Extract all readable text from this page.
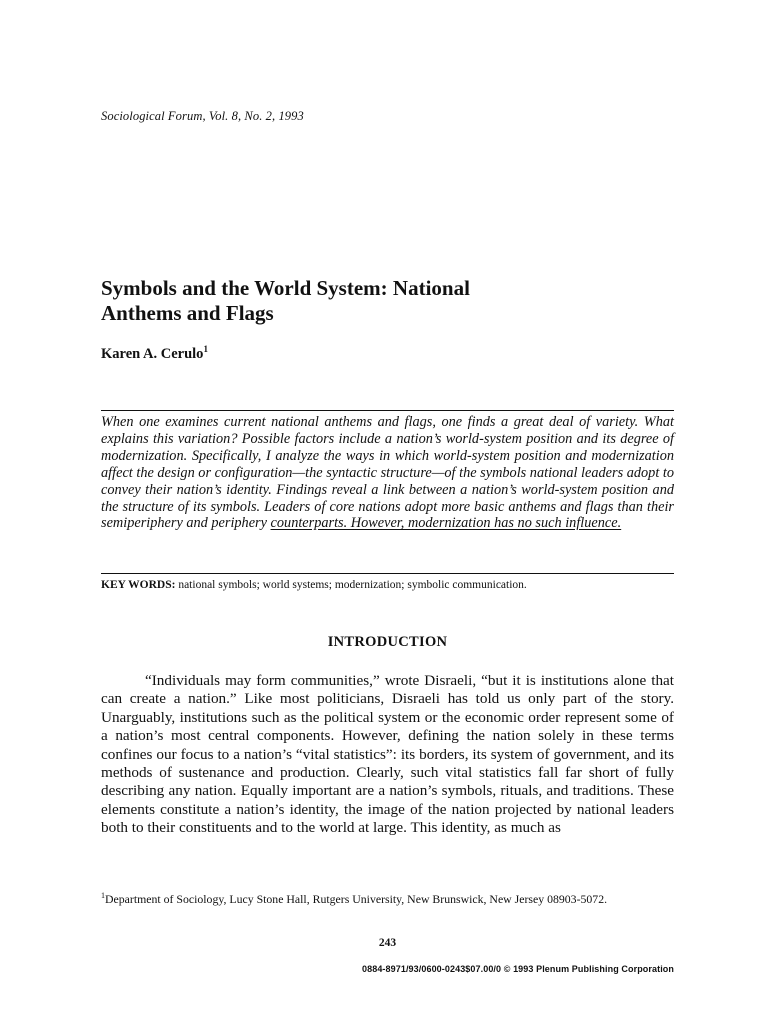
Sociological Forum, Vol. 8, No. 2, 1993
Symbols and the World System: National
Anthems and Flags
Karen A. Cerulo$^1$
When one examines current national anthems and flags, one finds a great deal of variety. What explains this variation? Possible factors include a nation’s world-system position and its degree of modernization. Specifically, I analyze the ways in which world-system position and modernization affect the design or configuration—the syntactic structure—of the symbols national leaders adopt to convey their nation’s identity. Findings reveal a link between a nation’s world-system position and the structure of its symbols. Leaders of core nations adopt more basic anthems and flags than their semiperiphery and periphery counterparts. However, modernization has no such influence.
KEY WORDS: national symbols; world systems; modernization; symbolic communication.
INTRODUCTION
“Individuals may form communities,” wrote Disraeli, “but it is institutions alone that can create a nation.” Like most politicians, Disraeli has told us only part of the story. Unarguably, institutions such as the political system or the economic order represent some of a nation’s most central components. However, defining the nation solely in these terms confines our focus to a nation’s “vital statistics”: its borders, its system of government, and its methods of sustenance and production. Clearly, such vital statistics fall far short of fully describing any nation. Equally important are a nation’s symbols, rituals, and traditions. These elements constitute a nation’s identity, the image of the nation projected by national leaders both to their constituents and to the world at large. This identity, as much as
$^1$Department of Sociology, Lucy Stone Hall, Rutgers University, New Brunswick, New Jersey 08903-5072.
243
0884-8971/93/0600-0243$07.00/0 © 1993 Plenum Publishing Corporation
